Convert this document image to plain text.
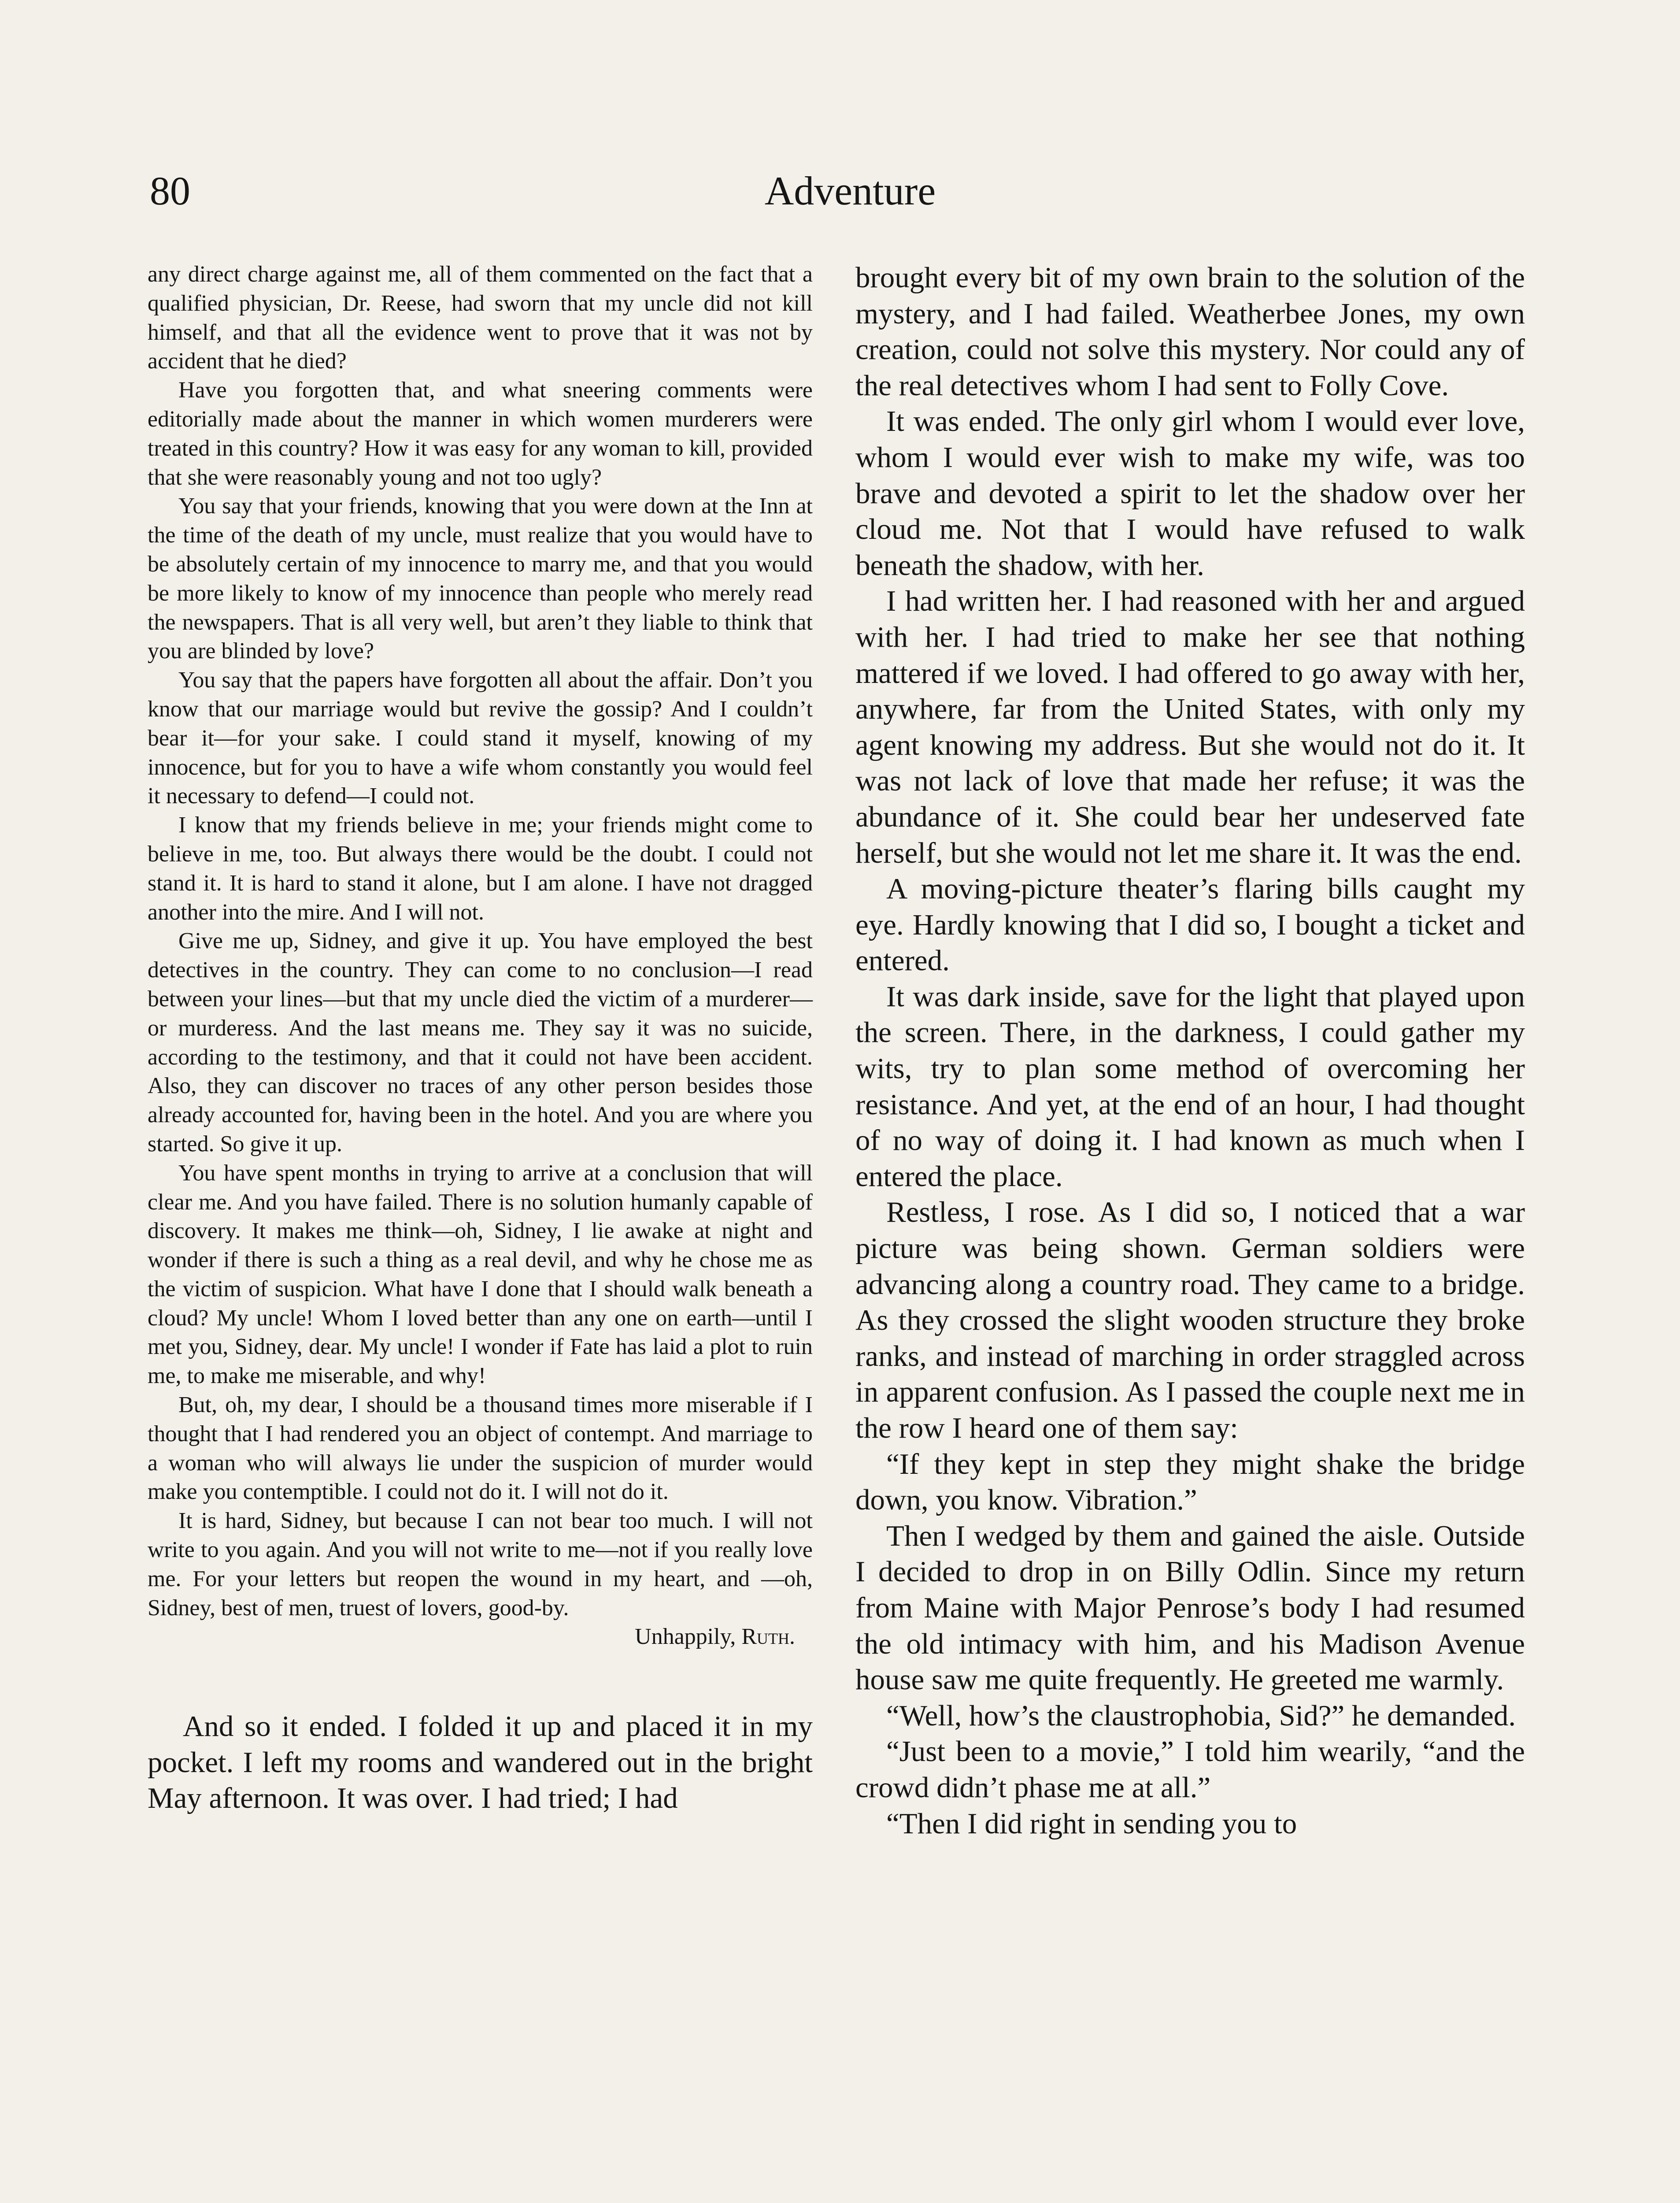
80	Adventure

any direct charge against me, all of them commented on the fact that a qualified physician, Dr. Reese, had sworn that my uncle did not kill himself, and that all the evidence went to prove that it was not by accident that he died?

Have you forgotten that, and what sneering comments were editorially made about the manner in which women murderers were treated in this country? How it was easy for any woman to kill, provided that she were reasonably young and not too ugly?

You say that your friends, knowing that you were down at the Inn at the time of the death of my uncle, must realize that you would have to be absolutely certain of my innocence to marry me, and that you would be more likely to know of my innocence than people who merely read the newspapers. That is all very well, but aren’t they liable to think that you are blinded by love?

You say that the papers have forgotten all about the affair. Don’t you know that our marriage would but revive the gossip? And I couldn’t bear it—for your sake. I could stand it myself, knowing of my innocence, but for you to have a wife whom constantly you would feel it necessary to defend—I could not.

I know that my friends believe in me; your friends might come to believe in me, too. But always there would be the doubt. I could not stand it. It is hard to stand it alone, but I am alone. I have not dragged another into the mire. And I will not.

Give me up, Sidney, and give it up. You have employed the best detectives in the country. They can come to no conclusion—I read between your lines—but that my uncle died the victim of a murderer—or murderess. And the last means me. They say it was no suicide, according to the testimony, and that it could not have been accident. Also, they can discover no traces of any other person besides those already accounted for, having been in the hotel. And you are where you started. So give it up.

You have spent months in trying to arrive at a conclusion that will clear me. And you have failed. There is no solution humanly capable of discovery. It makes me think—oh, Sidney, I lie awake at night and wonder if there is such a thing as a real devil, and why he chose me as the victim of suspicion. What have I done that I should walk beneath a cloud? My uncle! Whom I loved better than any one on earth—until I met you, Sidney, dear. My uncle! I wonder if Fate has laid a plot to ruin me, to make me miserable, and why!

But, oh, my dear, I should be a thousand times more miserable if I thought that I had rendered you an object of contempt. And marriage to a woman who will always lie under the suspicion of murder would make you contemptible. I could not do it. I will not do it.

It is hard, Sidney, but because I can not bear too much. I will not write to you again. And you will not write to me—not if you really love me. For your letters but reopen the wound in my heart, and —oh, Sidney, best of men, truest of lovers, good-by.

Unhappily, Ruth.

And so it ended. I folded it up and placed it in my pocket. I left my rooms and wandered out in the bright May afternoon. It was over. I had tried; I had

brought every bit of my own brain to the solution of the mystery, and I had failed. Weatherbee Jones, my own creation, could not solve this mystery. Nor could any of the real detectives whom I had sent to Folly Cove.

It was ended. The only girl whom I would ever love, whom I would ever wish to make my wife, was too brave and devoted a spirit to let the shadow over her cloud me. Not that I would have refused to walk beneath the shadow, with her.

I had written her. I had reasoned with her and argued with her. I had tried to make her see that nothing mattered if we loved. I had offered to go away with her, anywhere, far from the United States, with only my agent knowing my address. But she would not do it. It was not lack of love that made her refuse; it was the abundance of it. She could bear her undeserved fate herself, but she would not let me share it. It was the end.

A moving-picture theater’s flaring bills caught my eye. Hardly knowing that I did so, I bought a ticket and entered.

It was dark inside, save for the light that played upon the screen. There, in the darkness, I could gather my wits, try to plan some method of overcoming her resistance. And yet, at the end of an hour, I had thought of no way of doing it. I had known as much when I entered the place.

Restless, I rose. As I did so, I noticed that a war picture was being shown. German soldiers were advancing along a country road. They came to a bridge. As they crossed the slight wooden structure they broke ranks, and instead of marching in order straggled across in apparent confusion. As I passed the couple next me in the row I heard one of them say:

“If they kept in step they might shake the bridge down, you know. Vibration.”

Then I wedged by them and gained the aisle. Outside I decided to drop in on Billy Odlin. Since my return from Maine with Major Penrose’s body I had resumed the old intimacy with him, and his Madison Avenue house saw me quite frequently. He greeted me warmly.

“Well, how’s the claustrophobia, Sid?” he demanded.

“Just been to a movie,” I told him wearily, “and the crowd didn’t phase me at all.”

“Then I did right in sending you to
